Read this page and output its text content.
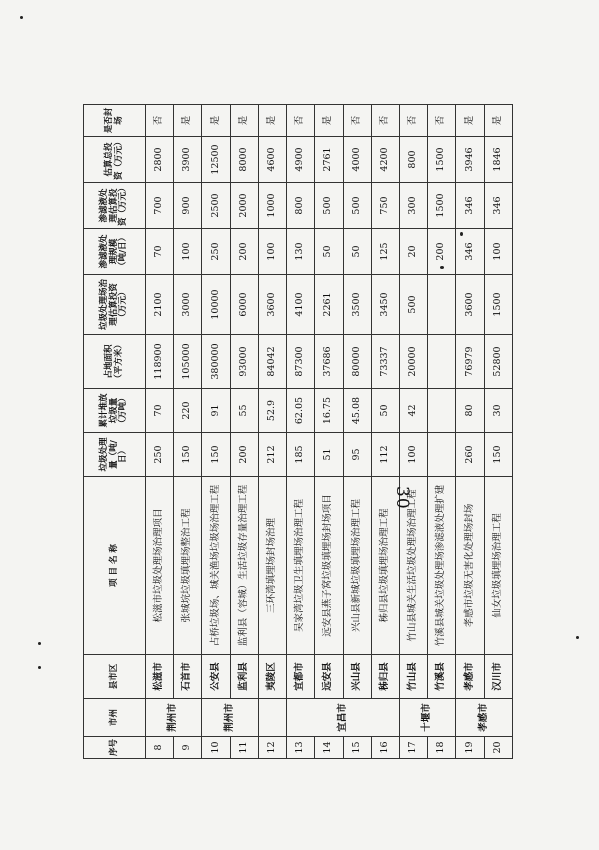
序号	市州	县市区	项 目 名 称	垃圾处理量（吨/日）	累计堆放垃圾量（万吨）	占地面积（平方米）	垃圾处理场治理估算投资（万元）	渗滤液处理规模（吨/日）	渗滤液处理估算投资（万元）	估算总投资（万元）	是否封场
8	荆州市	松滋市	松滋市垃圾处理场治理项目	250	70	118900	2100	70	700	2800	否
9		石首市	张城垸垃圾填埋场整治工程	150	220	105000	3000	100	900	3900	是
10	荆州市	公安县	占桥垃圾场、城关渔场垃圾场治理工程	150	91	380000	10000	250	2500	12500	是
11		监利县	监利县（容城）生活垃圾存量治理工程	200	55	93000	6000	200	2000	8000	是
12		夷陵区	三环湾填埋场封场治理	212	52.9	84042	3600	100	1000	4600	是
13	宜昌市	宜都市	吴家湾垃圾卫生填埋场治理工程	185	62.05	87300	4100	130	800	4900	否
14		远安县	远安县燕子窝垃圾填埋场封场项目	51	16.75	37686	2261	50	500	2761	是
15		兴山县	兴山县新城垃圾填埋场治理工程	95	45.08	80000	3500	50	500	4000	否
16		秭归县	秭归县垃圾填埋场治理工程	112	50	73337	3450	125	750	4200	否
17	十堰市	竹山县	竹山县城关生活垃圾处理场治理工程	100	42	20000	500	20	300	800	否
18		竹溪县	竹溪县城关垃圾处理场渗滤液处理扩建					200	1500	1500	否
19	孝感市	孝感市	孝感市垃圾无害化处理场封场	260	80	76979	3600	346	346	3946	是
20		汉川市	仙女垃圾填埋场治理工程	150	30	52800	1500	100	346	1846	是
30
